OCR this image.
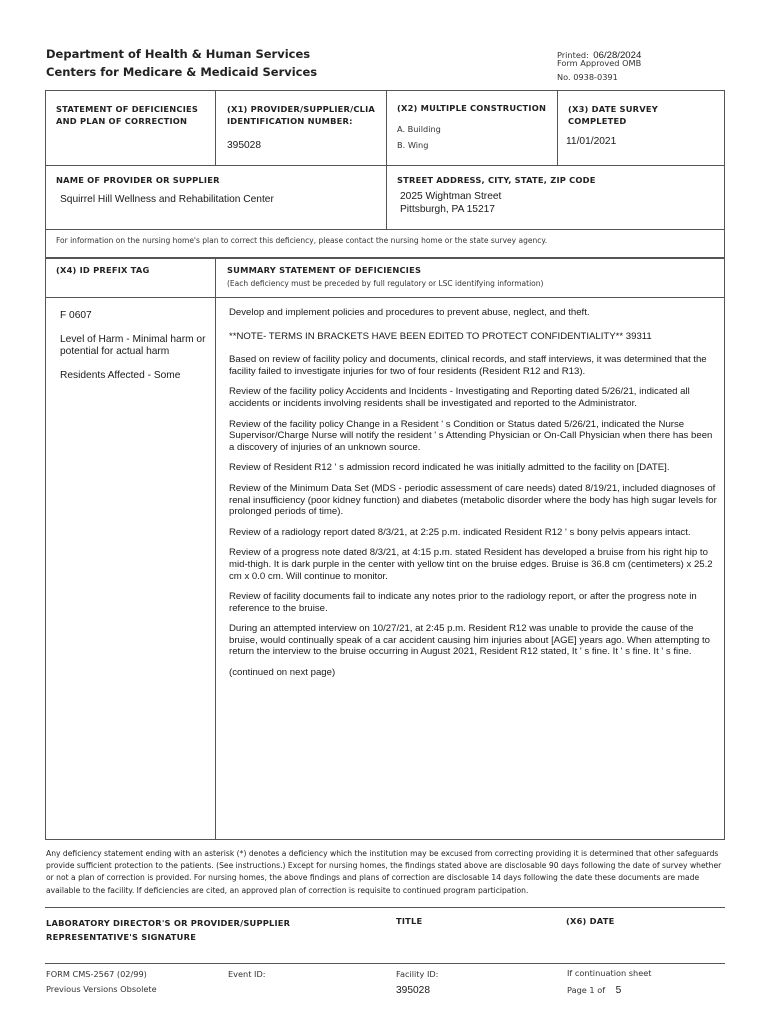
Department of Health & Human Services
Centers for Medicare & Medicaid Services
Printed: 06/28/2024
Form Approved OMB
No. 0938-0391
STATEMENT OF DEFICIENCIES AND PLAN OF CORRECTION
(X1) PROVIDER/SUPPLIER/CLIA IDENTIFICATION NUMBER:
395028
(X2) MULTIPLE CONSTRUCTION
A. Building
B. Wing
(X3) DATE SURVEY COMPLETED
11/01/2021
NAME OF PROVIDER OR SUPPLIER
Squirrel Hill Wellness and Rehabilitation Center
STREET ADDRESS, CITY, STATE, ZIP CODE
2025 Wightman Street
Pittsburgh, PA 15217
For information on the nursing home's plan to correct this deficiency, please contact the nursing home or the state survey agency.
(X4) ID PREFIX TAG	SUMMARY STATEMENT OF DEFICIENCIES
(Each deficiency must be preceded by full regulatory or LSC identifying information)
F 0607
Level of Harm - Minimal harm or potential for actual harm
Residents Affected - Some

Develop and implement policies and procedures to prevent abuse, neglect, and theft.

**NOTE- TERMS IN BRACKETS HAVE BEEN EDITED TO PROTECT CONFIDENTIALITY** 39311

Based on review of facility policy and documents, clinical records, and staff interviews, it was determined that the facility failed to investigate injuries for two of four residents (Resident R12 and R13).

Review of the facility policy Accidents and Incidents - Investigating and Reporting dated 5/26/21, indicated all accidents or incidents involving residents shall be investigated and reported to the Administrator.

Review of the facility policy Change in a Resident ' s Condition or Status dated 5/26/21, indicated the Nurse Supervisor/Charge Nurse will notify the resident ' s Attending Physician or On-Call Physician when there has been a discovery of injuries of an unknown source.

Review of Resident R12 ' s admission record indicated he was initially admitted to the facility on [DATE].

Review of the Minimum Data Set (MDS - periodic assessment of care needs) dated 8/19/21, included diagnoses of renal insufficiency (poor kidney function) and diabetes (metabolic disorder where the body has high sugar levels for prolonged periods of time).

Review of a radiology report dated 8/3/21, at 2:25 p.m. indicated Resident R12 ' s bony pelvis appears intact.

Review of a progress note dated 8/3/21, at 4:15 p.m. stated Resident has developed a bruise from his right hip to mid-thigh. It is dark purple in the center with yellow tint on the bruise edges. Bruise is 36.8 cm (centimeters) x 25.2 cm x 0.0 cm. Will continue to monitor.

Review of facility documents fail to indicate any notes prior to the radiology report, or after the progress note in reference to the bruise.

During an attempted interview on 10/27/21, at 2:45 p.m. Resident R12 was unable to provide the cause of the bruise, would continually speak of a car accident causing him injuries about [AGE] years ago. When attempting to return the interview to the bruise occurring in August 2021, Resident R12 stated, It ' s fine. It ' s fine. It ' s fine.

(continued on next page)

Any deficiency statement ending with an asterisk (*) denotes a deficiency which the institution may be excused from correcting providing it is determined that other safeguards provide sufficient protection to the patients. (See instructions.) Except for nursing homes, the findings stated above are disclosable 90 days following the date of survey whether or not a plan of correction is provided. For nursing homes, the above findings and plans of correction are disclosable 14 days following the date these documents are made available to the facility. If deficiencies are cited, an approved plan of correction is requisite to continued program participation.
LABORATORY DIRECTOR'S OR PROVIDER/SUPPLIER REPRESENTATIVE'S SIGNATURE
TITLE	(X6) DATE
FORM CMS-2567 (02/99)
Previous Versions Obsolete
Event ID:	Facility ID:
395028
If continuation sheet
Page 1 of 5
